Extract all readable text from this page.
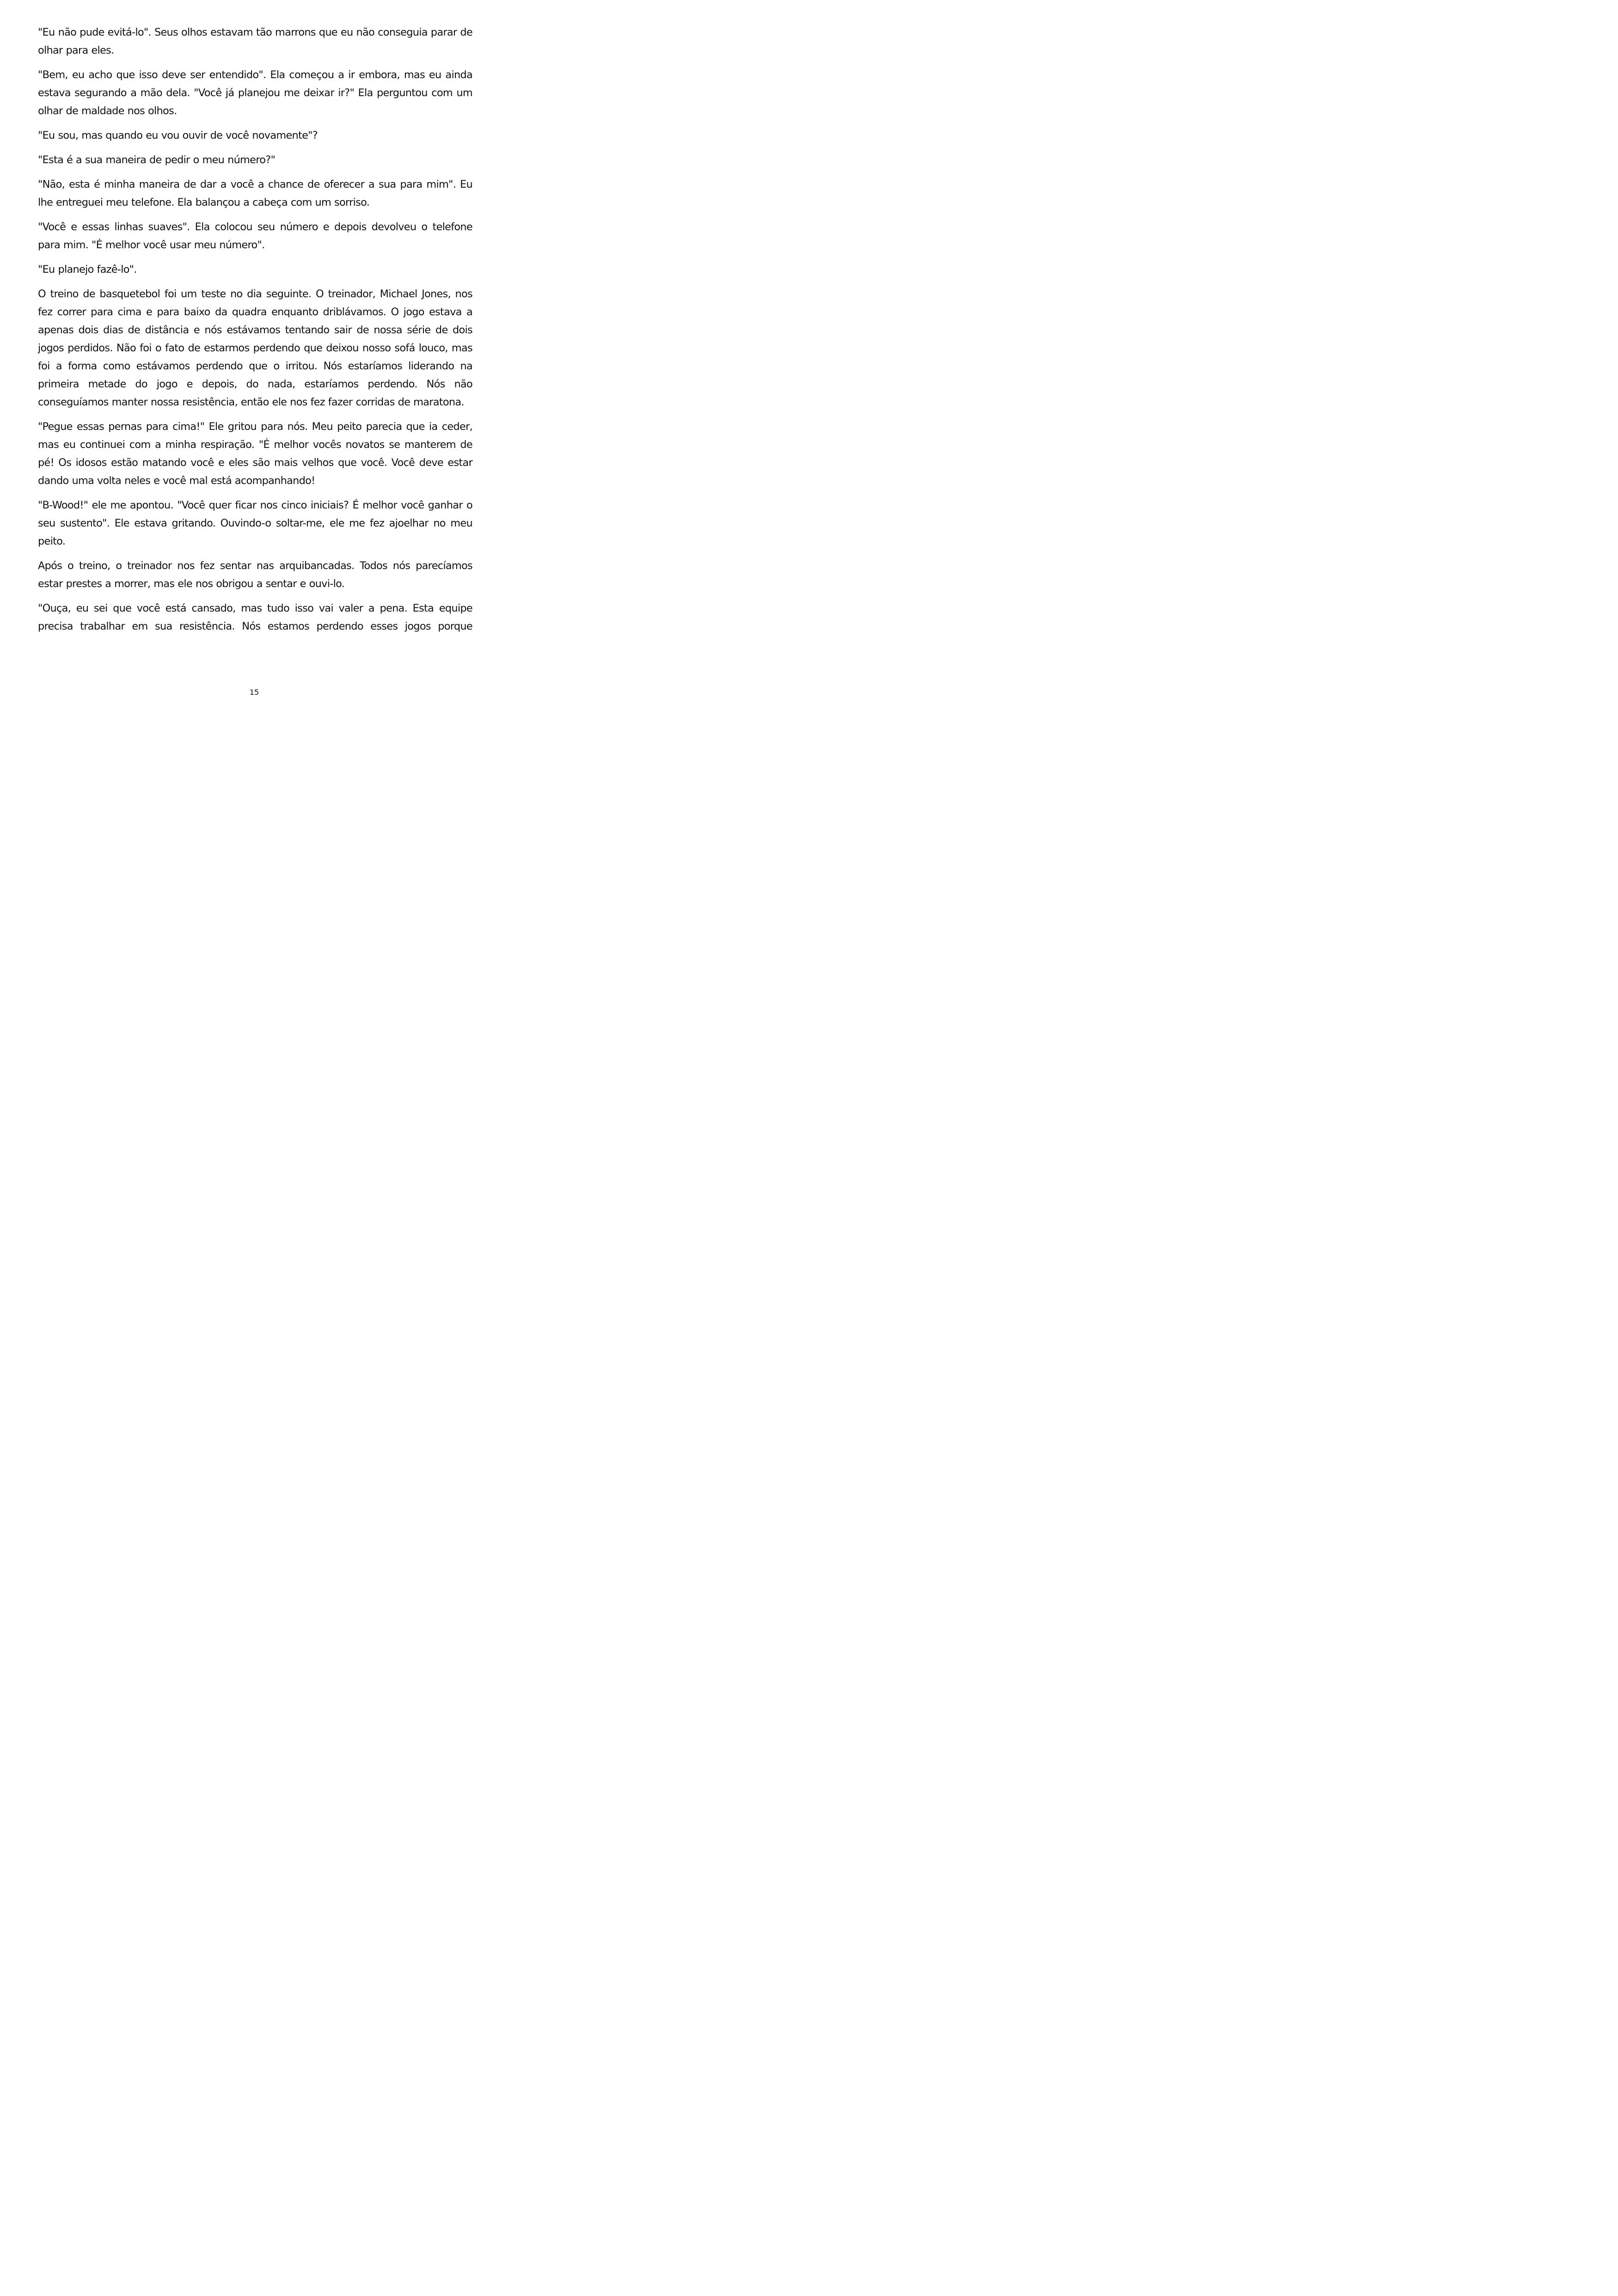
"Eu não pude evitá-lo". Seus olhos estavam tão marrons que eu não conseguia parar de olhar para eles.

"Bem, eu acho que isso deve ser entendido". Ela começou a ir embora, mas eu ainda estava segurando a mão dela. "Você já planejou me deixar ir?" Ela perguntou com um olhar de maldade nos olhos.

"Eu sou, mas quando eu vou ouvir de você novamente"?

"Esta é a sua maneira de pedir o meu número?"

"Não, esta é minha maneira de dar a você a chance de oferecer a sua para mim". Eu lhe entreguei meu telefone. Ela balançou a cabeça com um sorriso.

"Você e essas linhas suaves". Ela colocou seu número e depois devolveu o telefone para mim. "É melhor você usar meu número".

"Eu planejo fazê-lo".

O treino de basquetebol foi um teste no dia seguinte. O treinador, Michael Jones, nos fez correr para cima e para baixo da quadra enquanto driblávamos. O jogo estava a apenas dois dias de distância e nós estávamos tentando sair de nossa série de dois jogos perdidos. Não foi o fato de estarmos perdendo que deixou nosso sofá louco, mas foi a forma como estávamos perdendo que o irritou. Nós estaríamos liderando na primeira metade do jogo e depois, do nada, estaríamos perdendo. Nós não conseguíamos manter nossa resistência, então ele nos fez fazer corridas de maratona.

"Pegue essas pernas para cima!" Ele gritou para nós. Meu peito parecia que ia ceder, mas eu continuei com a minha respiração. "É melhor vocês novatos se manterem de pé! Os idosos estão matando você e eles são mais velhos que você. Você deve estar dando uma volta neles e você mal está acompanhando!

"B-Wood!" ele me apontou. "Você quer ficar nos cinco iniciais? É melhor você ganhar o seu sustento". Ele estava gritando. Ouvindo-o soltar-me, ele me fez ajoelhar no meu peito.

Após o treino, o treinador nos fez sentar nas arquibancadas. Todos nós parecíamos estar prestes a morrer, mas ele nos obrigou a sentar e ouvi-lo.

"Ouça, eu sei que você está cansado, mas tudo isso vai valer a pena. Esta equipe precisa trabalhar em sua resistência. Nós estamos perdendo esses jogos porque

15
